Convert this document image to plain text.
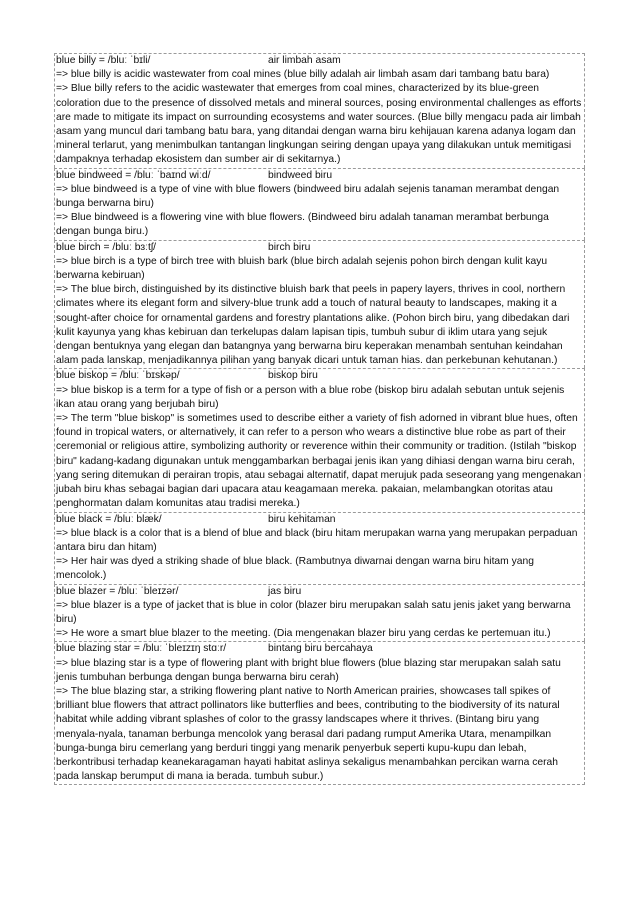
blue billy = /bluː ˈbɪli/	air limbah asam

=> blue billy is acidic wastewater from coal mines (blue billy adalah air limbah asam dari tambang batu bara)

=> Blue billy refers to the acidic wastewater that emerges from coal mines, characterized by its blue-green coloration due to the presence of dissolved metals and mineral sources, posing environmental challenges as efforts are made to mitigate its impact on surrounding ecosystems and water sources. (Blue billy mengacu pada air limbah asam yang muncul dari tambang batu bara, yang ditandai dengan warna biru kehijauan karena adanya logam dan mineral terlarut, yang menimbulkan tantangan lingkungan seiring dengan upaya yang dilakukan untuk memitigasi dampaknya terhadap ekosistem dan sumber air di sekitarnya.)

blue bindweed = /bluː ˈbaɪnd wiːd/	bindweed biru

=> blue bindweed is a type of vine with blue flowers (bindweed biru adalah sejenis tanaman merambat dengan bunga berwarna biru)

=> Blue bindweed is a flowering vine with blue flowers. (Bindweed biru adalah tanaman merambat berbunga dengan bunga biru.)

blue birch = /bluː bɜːtʃ/	birch biru

=> blue birch is a type of birch tree with bluish bark (blue birch adalah sejenis pohon birch dengan kulit kayu berwarna kebiruan)

=> The blue birch, distinguished by its distinctive bluish bark that peels in papery layers, thrives in cool, northern climates where its elegant form and silvery-blue trunk add a touch of natural beauty to landscapes, making it a sought-after choice for ornamental gardens and forestry plantations alike. (Pohon birch biru, yang dibedakan dari kulit kayunya yang khas kebiruan dan terkelupas dalam lapisan tipis, tumbuh subur di iklim utara yang sejuk dengan bentuknya yang elegan dan batangnya yang berwarna biru keperakan menambah sentuhan keindahan alam pada lanskap, menjadikannya pilihan yang banyak dicari untuk taman hias. dan perkebunan kehutanan.)

blue biskop = /bluː ˈbɪskəp/	biskop biru

=> blue biskop is a term for a type of fish or a person with a blue robe (biskop biru adalah sebutan untuk sejenis ikan atau orang yang berjubah biru)

=> The term "blue biskop" is sometimes used to describe either a variety of fish adorned in vibrant blue hues, often found in tropical waters, or alternatively, it can refer to a person who wears a distinctive blue robe as part of their ceremonial or religious attire, symbolizing authority or reverence within their community or tradition. (Istilah "biskop biru" kadang-kadang digunakan untuk menggambarkan berbagai jenis ikan yang dihiasi dengan warna biru cerah, yang sering ditemukan di perairan tropis, atau sebagai alternatif, dapat merujuk pada seseorang yang mengenakan jubah biru khas sebagai bagian dari upacara atau keagamaan mereka. pakaian, melambangkan otoritas atau penghormatan dalam komunitas atau tradisi mereka.)

blue black = /bluː blæk/	biru kehitaman

=> blue black is a color that is a blend of blue and black (biru hitam merupakan warna yang merupakan perpaduan antara biru dan hitam)

=> Her hair was dyed a striking shade of blue black. (Rambutnya diwarnai dengan warna biru hitam yang mencolok.)

blue blazer = /bluː ˈbleɪzər/	jas biru

=> blue blazer is a type of jacket that is blue in color (blazer biru merupakan salah satu jenis jaket yang berwarna biru)

=> He wore a smart blue blazer to the meeting. (Dia mengenakan blazer biru yang cerdas ke pertemuan itu.)

blue blazing star = /bluː ˈbleɪzɪŋ stɑːr/	bintang biru bercahaya

=> blue blazing star is a type of flowering plant with bright blue flowers (blue blazing star merupakan salah satu jenis tumbuhan berbunga dengan bunga berwarna biru cerah)

=> The blue blazing star, a striking flowering plant native to North American prairies, showcases tall spikes of brilliant blue flowers that attract pollinators like butterflies and bees, contributing to the biodiversity of its natural habitat while adding vibrant splashes of color to the grassy landscapes where it thrives. (Bintang biru yang menyala-nyala, tanaman berbunga mencolok yang berasal dari padang rumput Amerika Utara, menampilkan bunga-bunga biru cemerlang yang berduri tinggi yang menarik penyerbuk seperti kupu-kupu dan lebah, berkontribusi terhadap keanekaragaman hayati habitat aslinya sekaligus menambahkan percikan warna cerah pada lanskap berumput di mana ia berada. tumbuh subur.)
